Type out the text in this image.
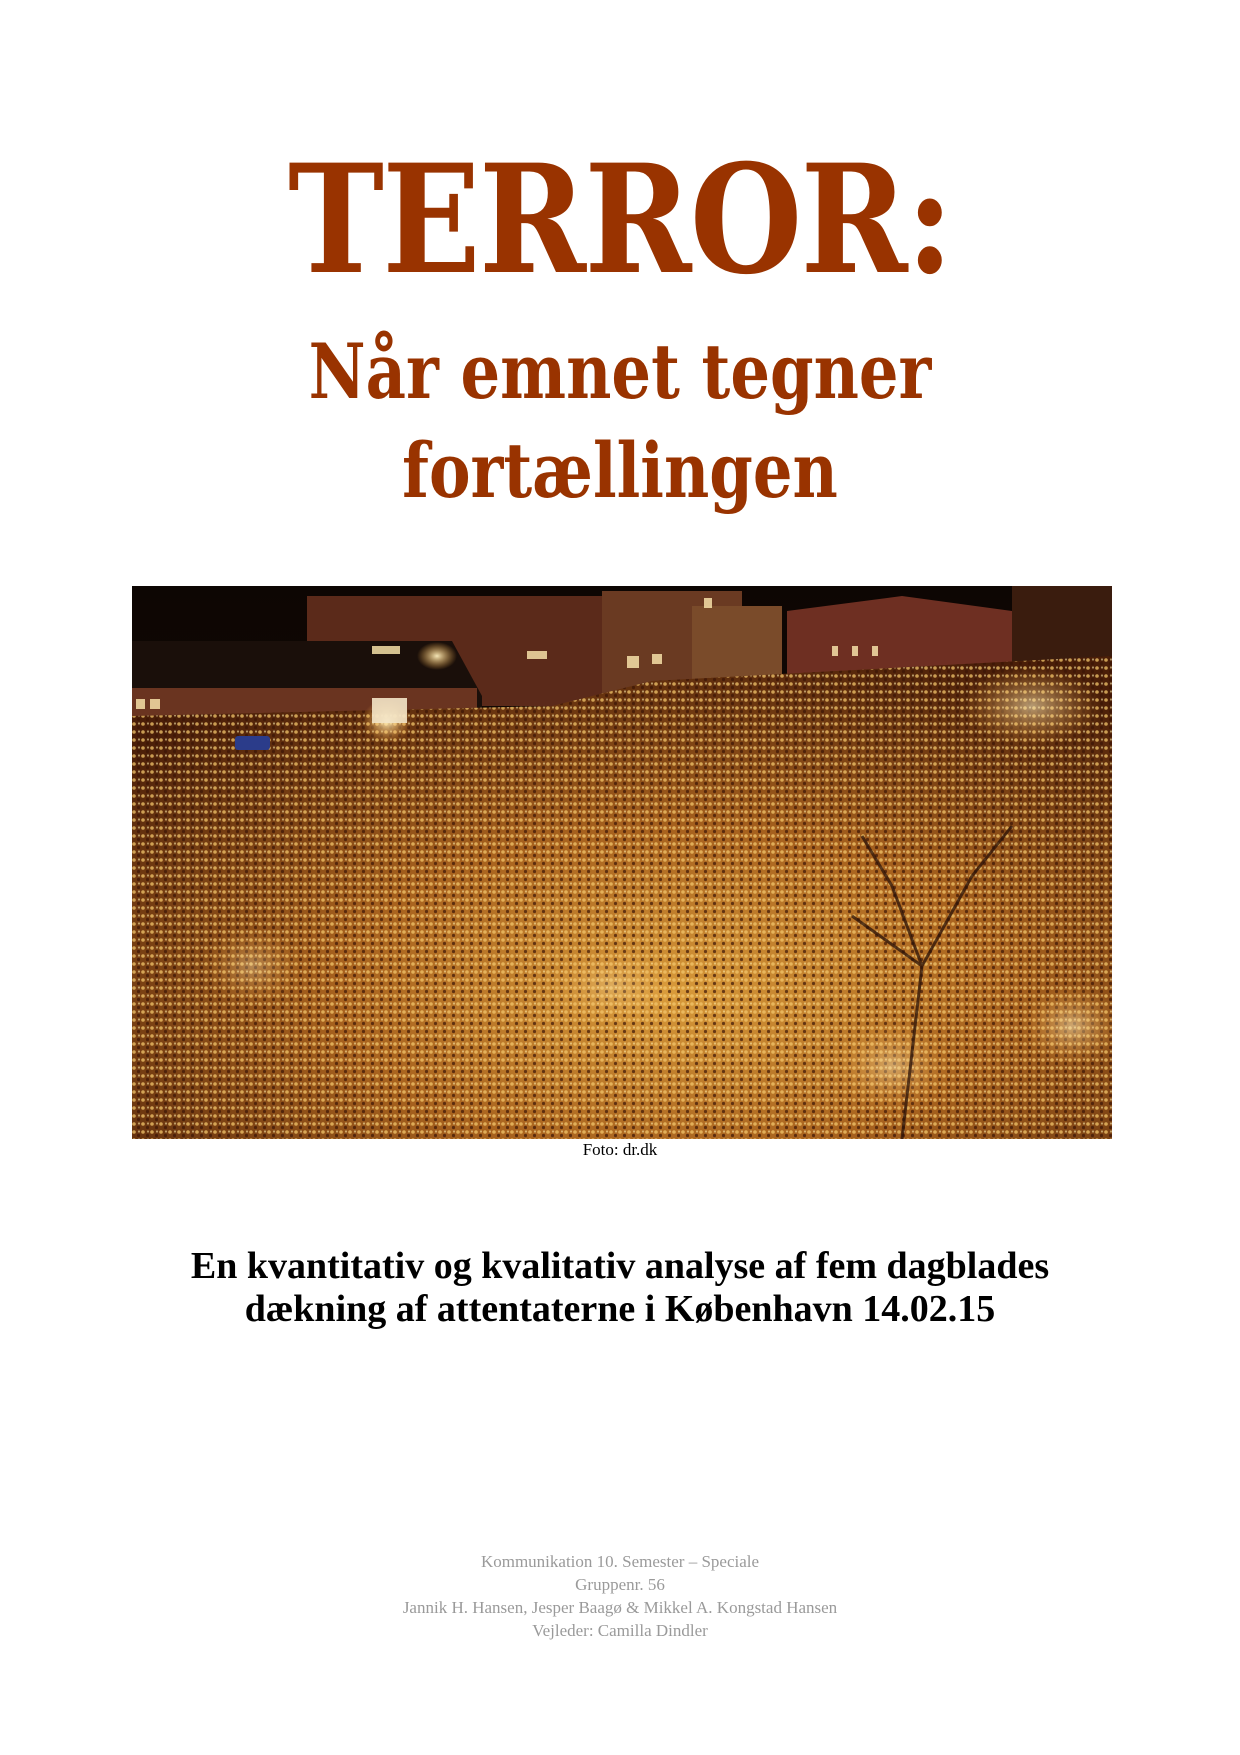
TERROR:
Når emnet tegner
fortællingen
Foto: dr.dk
En kvantitativ og kvalitativ analyse af fem dagblades
dækning af attentaterne i København 14.02.15
Kommunikation 10. Semester – Speciale
Gruppenr. 56
Jannik H. Hansen, Jesper Baagø & Mikkel A. Kongstad Hansen
Vejleder: Camilla Dindler
